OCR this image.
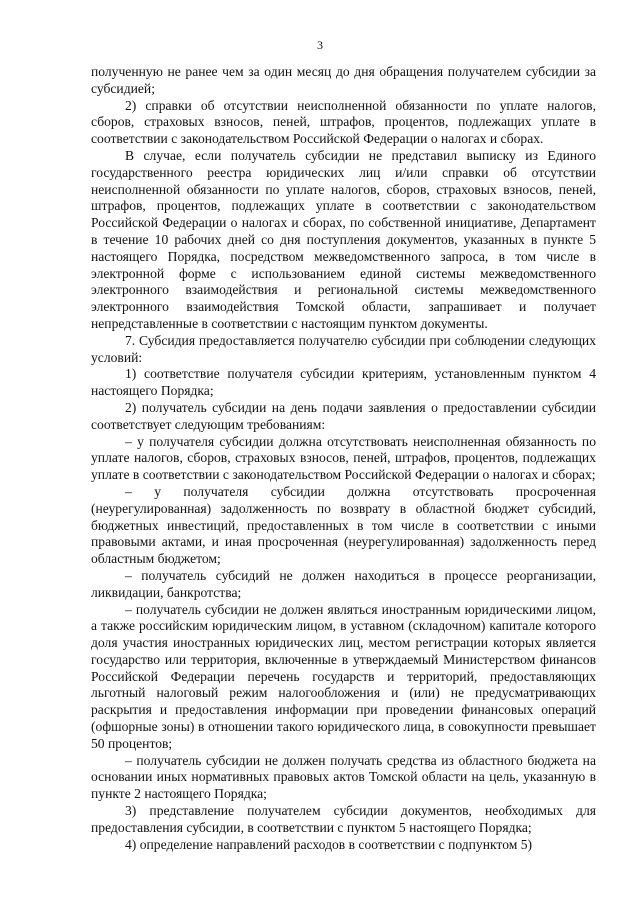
3

полученную не ранее чем за один месяц до дня обращения получателем субсидии за субсидией;

2) справки об отсутствии неисполненной обязанности по уплате налогов, сборов, страховых взносов, пеней, штрафов, процентов, подлежащих уплате в соответствии с законодательством Российской Федерации о налогах и сборах.

В случае, если получатель субсидии не представил выписку из Единого государственного реестра юридических лиц и/или справки об отсутствии неисполненной обязанности по уплате налогов, сборов, страховых взносов, пеней, штрафов, процентов, подлежащих уплате в соответствии с законодательством Российской Федерации о налогах и сборах, по собственной инициативе, Департамент в течение 10 рабочих дней со дня поступления документов, указанных в пункте 5 настоящего Порядка, посредством межведомственного запроса, в том числе в электронной форме с использованием единой системы межведомственного электронного взаимодействия и региональной системы межведомственного электронного взаимодействия Томской области, запрашивает и получает непредставленные в соответствии с настоящим пунктом документы.

7. Субсидия предоставляется получателю субсидии при соблюдении следующих условий:

1) соответствие получателя субсидии критериям, установленным пунктом 4 настоящего Порядка;

2) получатель субсидии на день подачи заявления о предоставлении субсидии соответствует следующим требованиям:

– у получателя субсидии должна отсутствовать неисполненная обязанность по уплате налогов, сборов, страховых взносов, пеней, штрафов, процентов, подлежащих уплате в соответствии с законодательством Российской Федерации о налогах и сборах;

– у получателя субсидии должна отсутствовать просроченная (неурегулированная) задолженность по возврату в областной бюджет субсидий, бюджетных инвестиций, предоставленных в том числе в соответствии с иными правовыми актами, и иная просроченная (неурегулированная) задолженность перед областным бюджетом;

– получатель субсидий не должен находиться в процессе реорганизации, ликвидации, банкротства;

– получатель субсидии не должен являться иностранным юридическими лицом, а также российским юридическим лицом, в уставном (складочном) капитале которого доля участия иностранных юридических лиц, местом регистрации которых является государство или территория, включенные в утверждаемый Министерством финансов Российской Федерации перечень государств и территорий, предоставляющих льготный налоговый режим налогообложения и (или) не предусматривающих раскрытия и предоставления информации при проведении финансовых операций (офшорные зоны) в отношении такого юридического лица, в совокупности превышает 50 процентов;

– получатель субсидии не должен получать средства из областного бюджета на основании иных нормативных правовых актов Томской области на цель, указанную в пункте 2 настоящего Порядка;

3) представление получателем субсидии документов, необходимых для предоставления субсидии, в соответствии с пунктом 5 настоящего Порядка;

4) определение направлений расходов в соответствии с подпунктом 5)
